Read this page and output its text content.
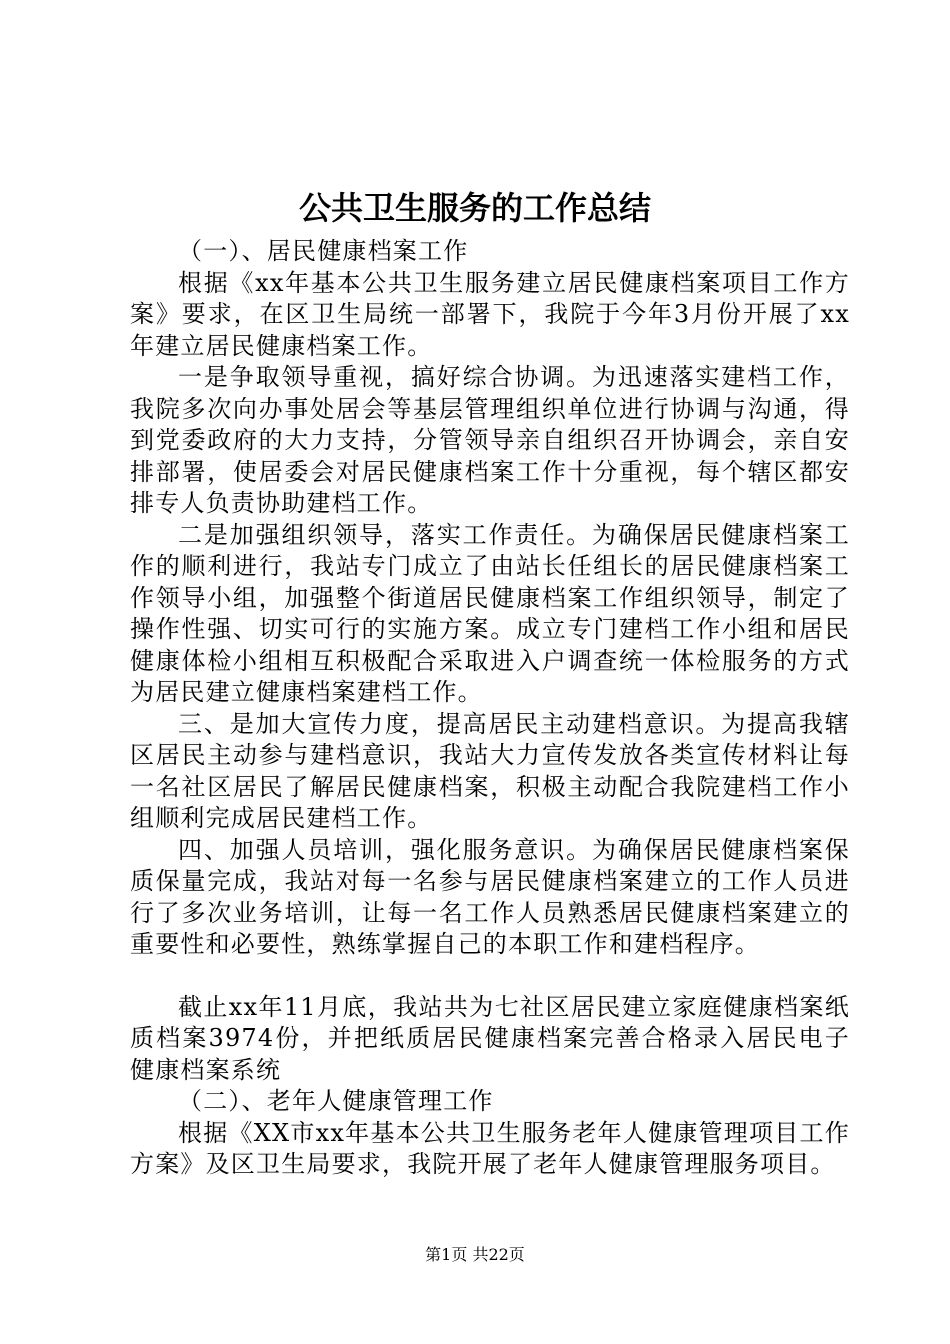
公共卫生服务的工作总结

（一）、居民健康档案工作

根据《xx年基本公共卫生服务建立居民健康档案项目工作方案》要求，在区卫生局统一部署下，我院于今年3月份开展了xx年建立居民健康档案工作。

一是争取领导重视，搞好综合协调。为迅速落实建档工作，我院多次向办事处居会等基层管理组织单位进行协调与沟通，得到党委政府的大力支持，分管领导亲自组织召开协调会，亲自安排部署，使居委会对居民健康档案工作十分重视，每个辖区都安排专人负责协助建档工作。

二是加强组织领导，落实工作责任。为确保居民健康档案工作的顺利进行，我站专门成立了由站长任组长的居民健康档案工作领导小组，加强整个街道居民健康档案工作组织领导，制定了操作性强、切实可行的实施方案。成立专门建档工作小组和居民健康体检小组相互积极配合采取进入户调查统一体检服务的方式为居民建立健康档案建档工作。

三、是加大宣传力度，提高居民主动建档意识。为提高我辖区居民主动参与建档意识，我站大力宣传发放各类宣传材料让每一名社区居民了解居民健康档案，积极主动配合我院建档工作小组顺利完成居民建档工作。

四、加强人员培训，强化服务意识。为确保居民健康档案保质保量完成，我站对每一名参与居民健康档案建立的工作人员进行了多次业务培训，让每一名工作人员熟悉居民健康档案建立的重要性和必要性，熟练掌握自己的本职工作和建档程序。

截止xx年11月底，我站共为七社区居民建立家庭健康档案纸质档案3974份，并把纸质居民健康档案完善合格录入居民电子健康档案系统

（二）、老年人健康管理工作

根据《XX市xx年基本公共卫生服务老年人健康管理项目工作方案》及区卫生局要求，我院开展了老年人健康管理服务项目。

第1页 共22页
